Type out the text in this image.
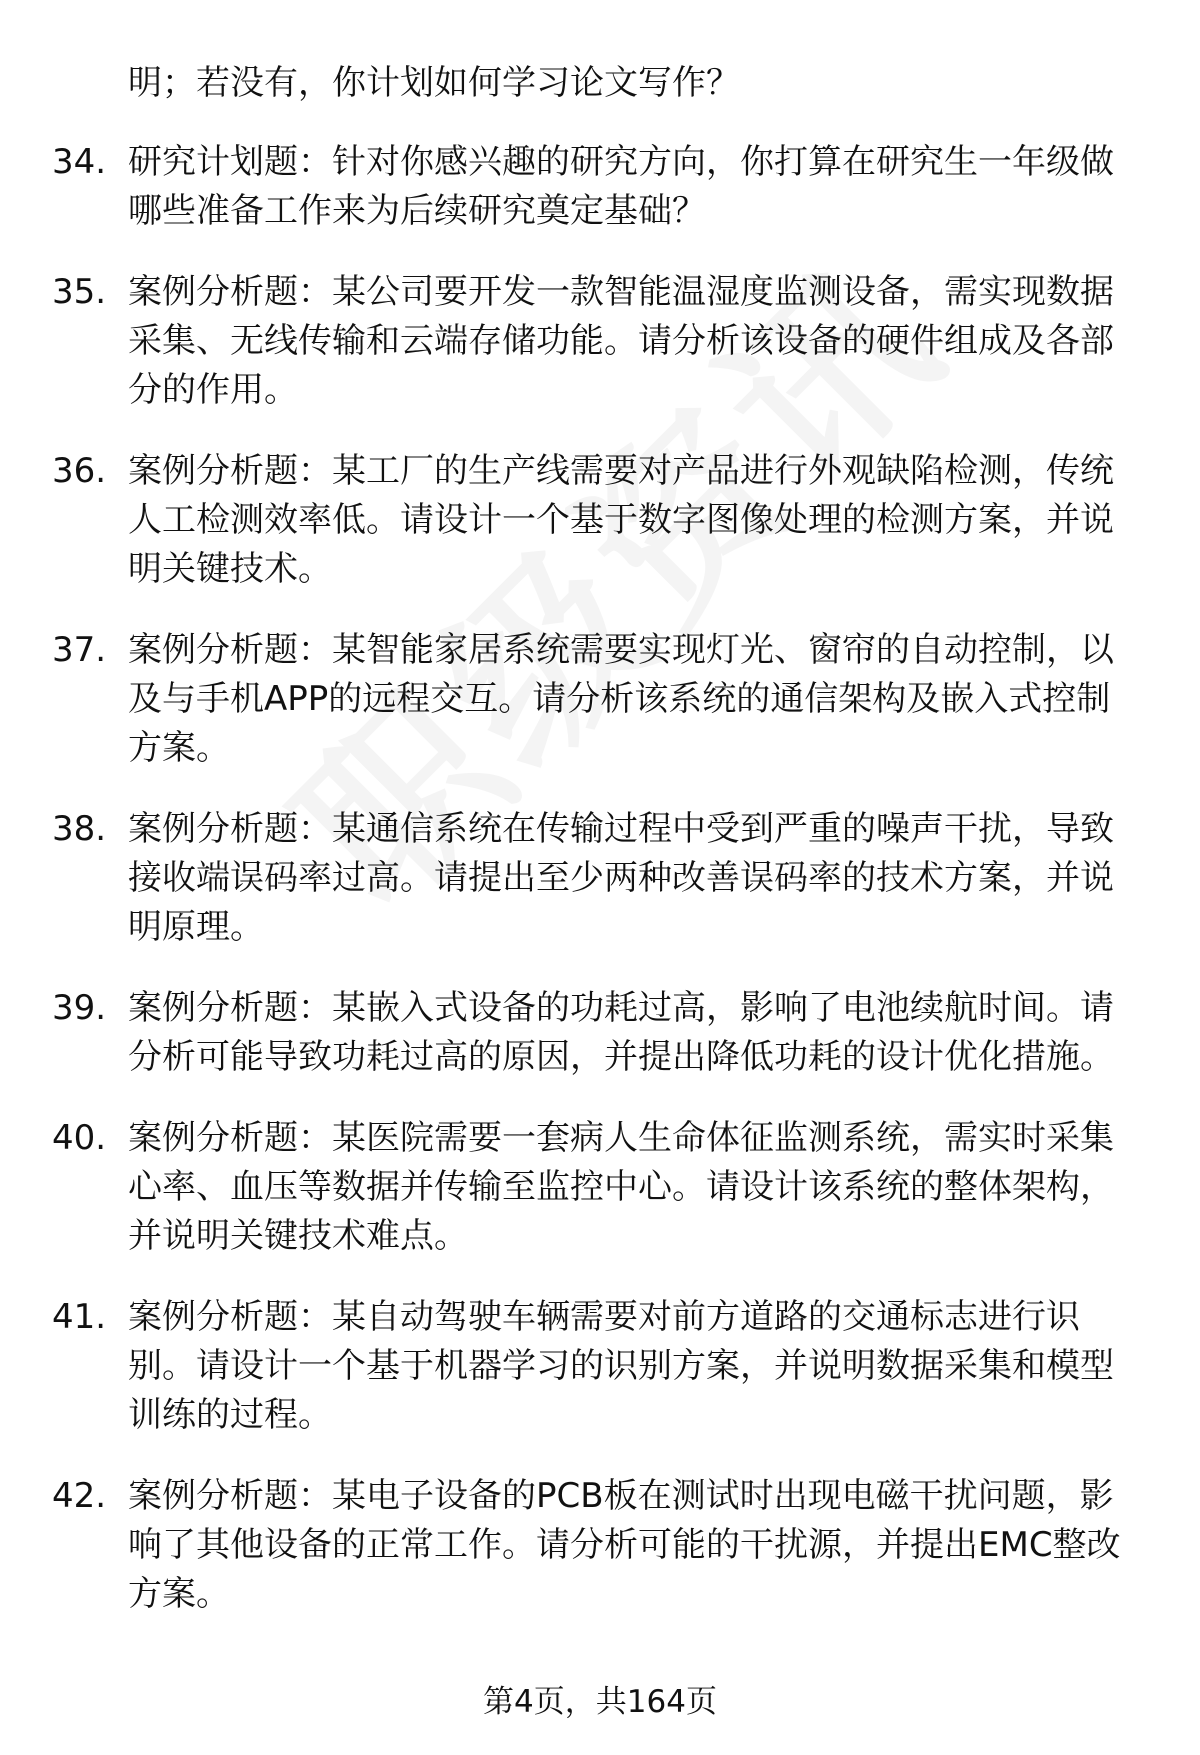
明；若没有，你计划如何学习论文写作？
34. 研究计划题：针对你感兴趣的研究方向，你打算在研究生一年级做哪些准备工作来为后续研究奠定基础？
35. 案例分析题：某公司要开发一款智能温湿度监测设备，需实现数据采集、无线传输和云端存储功能。请分析该设备的硬件组成及各部分的作用。
36. 案例分析题：某工厂的生产线需要对产品进行外观缺陷检测，传统人工检测效率低。请设计一个基于数字图像处理的检测方案，并说明关键技术。
37. 案例分析题：某智能家居系统需要实现灯光、窗帘的自动控制，以及与手机APP的远程交互。请分析该系统的通信架构及嵌入式控制方案。
38. 案例分析题：某通信系统在传输过程中受到严重的噪声干扰，导致接收端误码率过高。请提出至少两种改善误码率的技术方案，并说明原理。
39. 案例分析题：某嵌入式设备的功耗过高，影响了电池续航时间。请分析可能导致功耗过高的原因，并提出降低功耗的设计优化措施。
40. 案例分析题：某医院需要一套病人生命体征监测系统，需实时采集心率、血压等数据并传输至监控中心。请设计该系统的整体架构，并说明关键技术难点。
41. 案例分析题：某自动驾驶车辆需要对前方道路的交通标志进行识别。请设计一个基于机器学习的识别方案，并说明数据采集和模型训练的过程。
42. 案例分析题：某电子设备的PCB板在测试时出现电磁干扰问题，影响了其他设备的正常工作。请分析可能的干扰源，并提出EMC整改方案。
第4页，共164页
